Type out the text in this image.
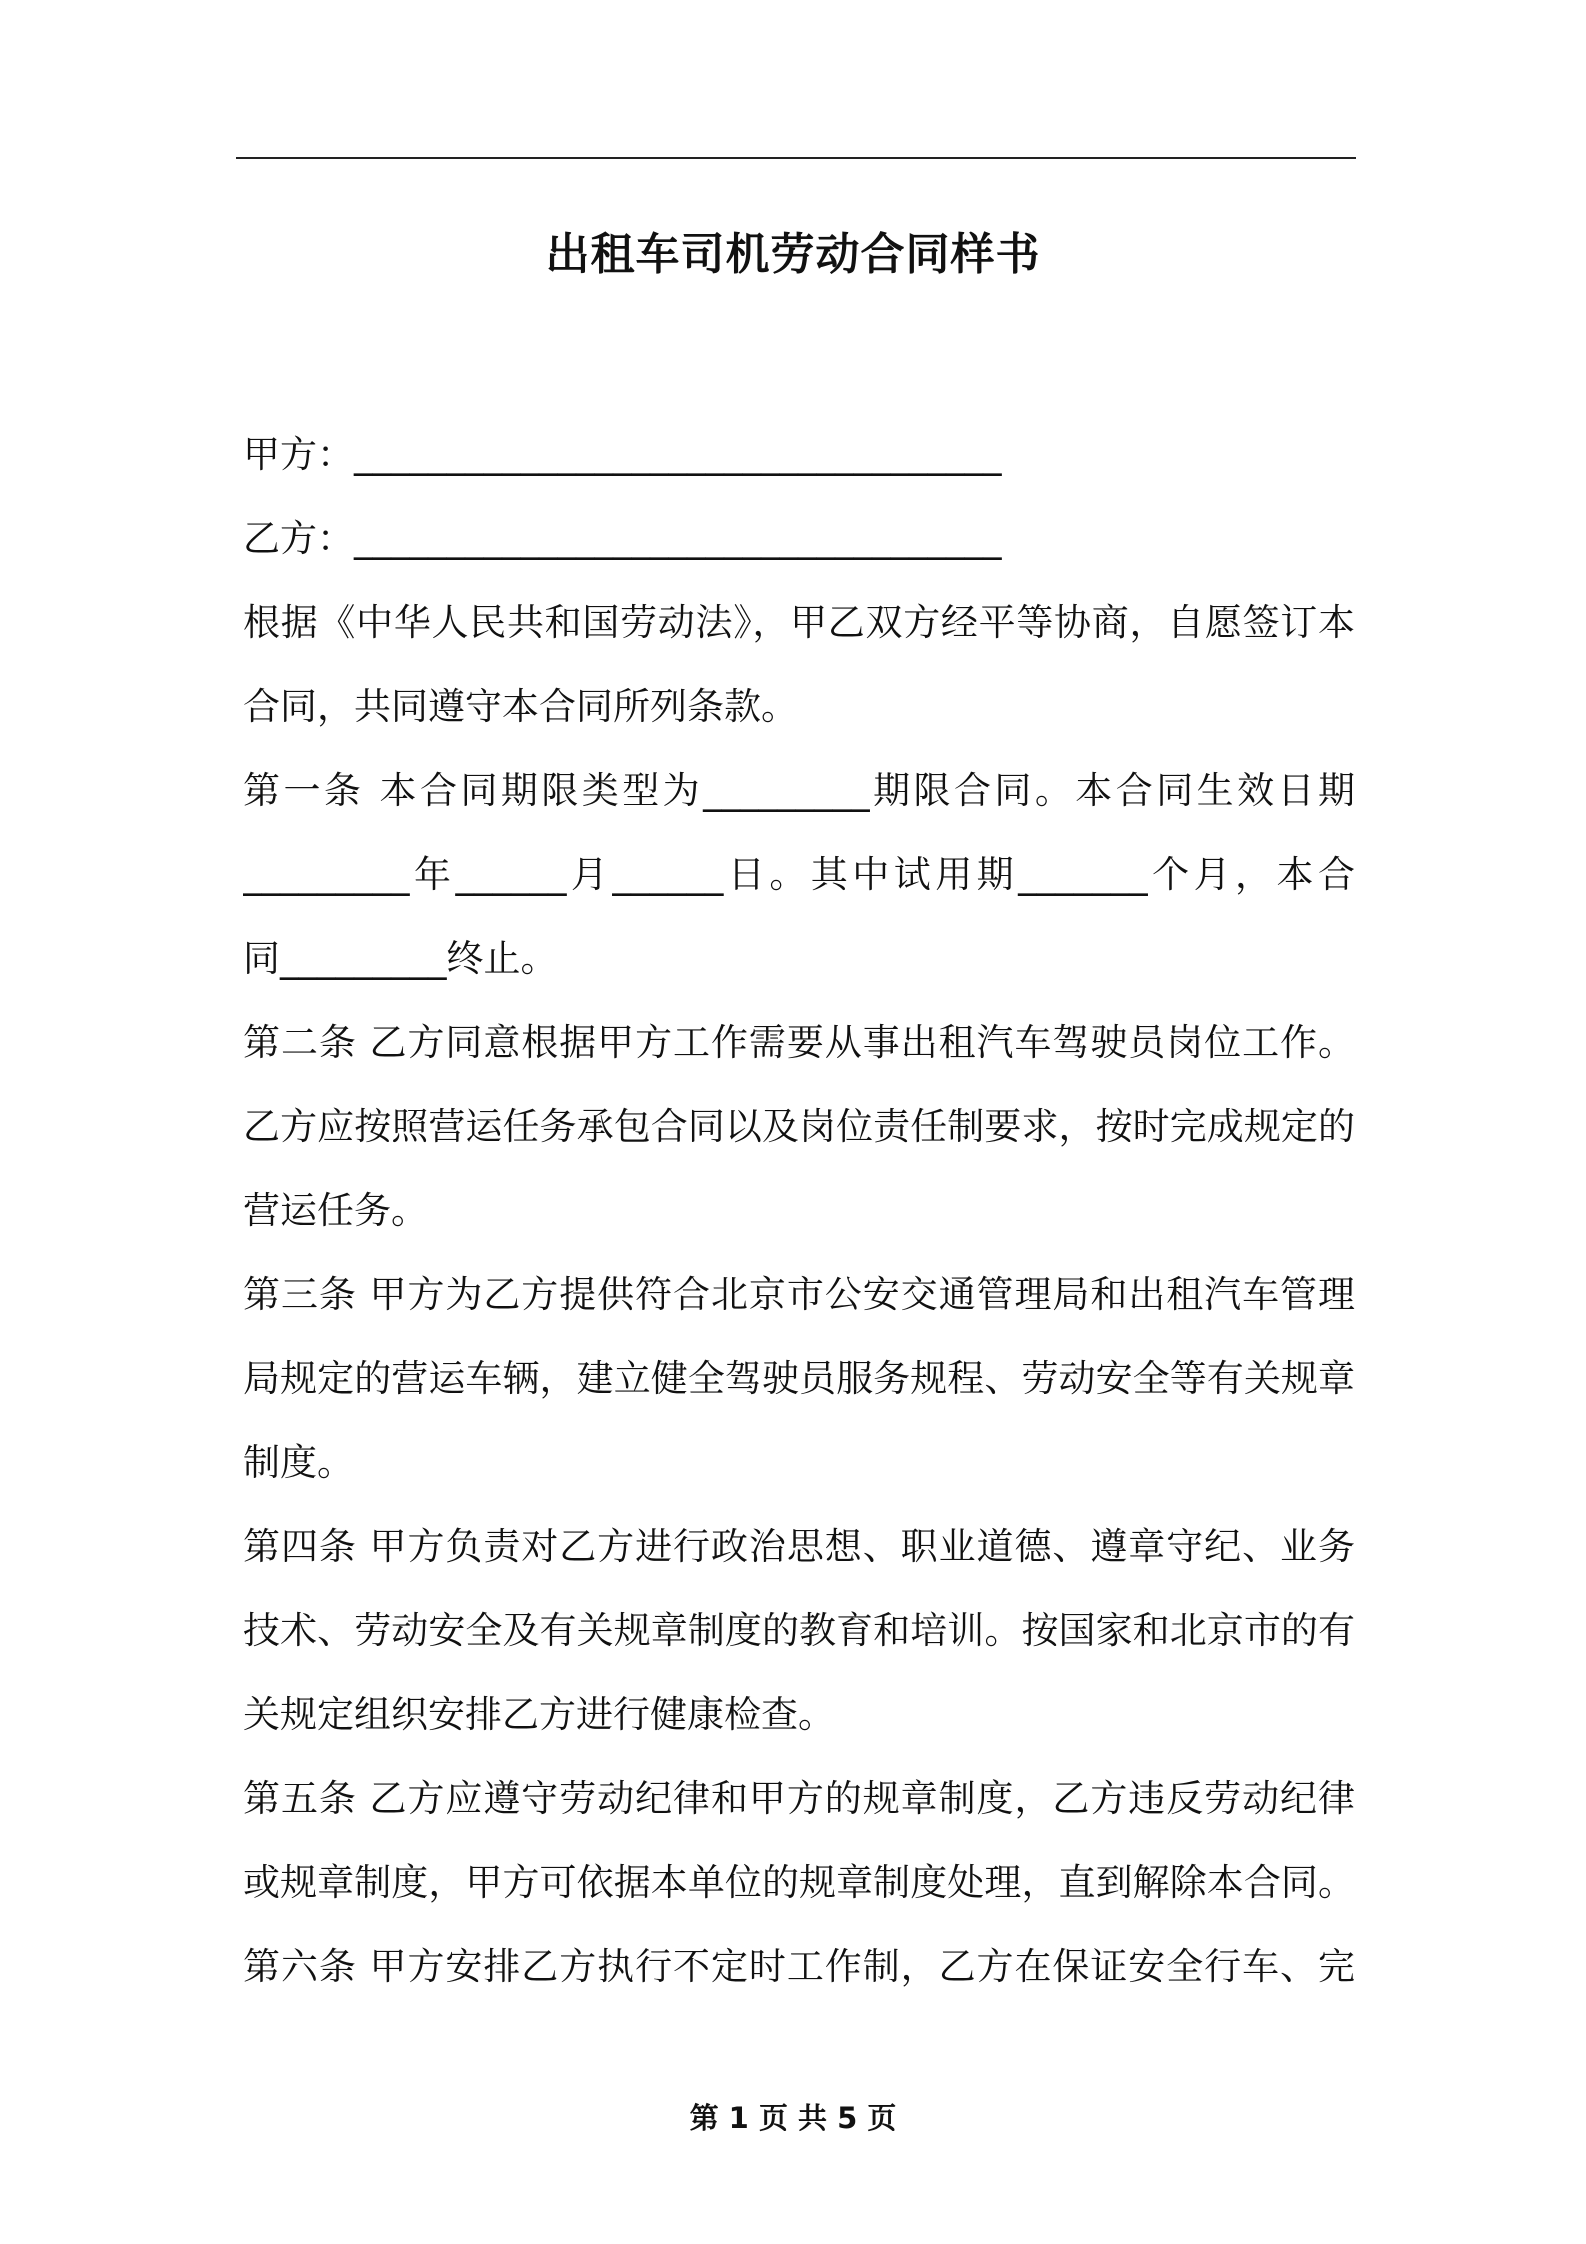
出租车司机劳动合同样书

甲方：___________________________________

乙方：___________________________________

根据《中华人民共和国劳动法》，甲乙双方经平等协商，自愿签订本

合同，共同遵守本合同所列条款。

第一条 本合同期限类型为_________期限合同。本合同生效日期

_________年______月______日。其中试用期_______个月，本合

同_________终止。

第二条 乙方同意根据甲方工作需要从事出租汽车驾驶员岗位工作。

乙方应按照营运任务承包合同以及岗位责任制要求，按时完成规定的

营运任务。

第三条 甲方为乙方提供符合北京市公安交通管理局和出租汽车管理

局规定的营运车辆，建立健全驾驶员服务规程、劳动安全等有关规章

制度。

第四条 甲方负责对乙方进行政治思想、职业道德、遵章守纪、业务

技术、劳动安全及有关规章制度的教育和培训。按国家和北京市的有

关规定组织安排乙方进行健康检查。

第五条 乙方应遵守劳动纪律和甲方的规章制度，乙方违反劳动纪律

或规章制度，甲方可依据本单位的规章制度处理，直到解除本合同。

第六条 甲方安排乙方执行不定时工作制，乙方在保证安全行车、完

第 1 页 共 5 页
